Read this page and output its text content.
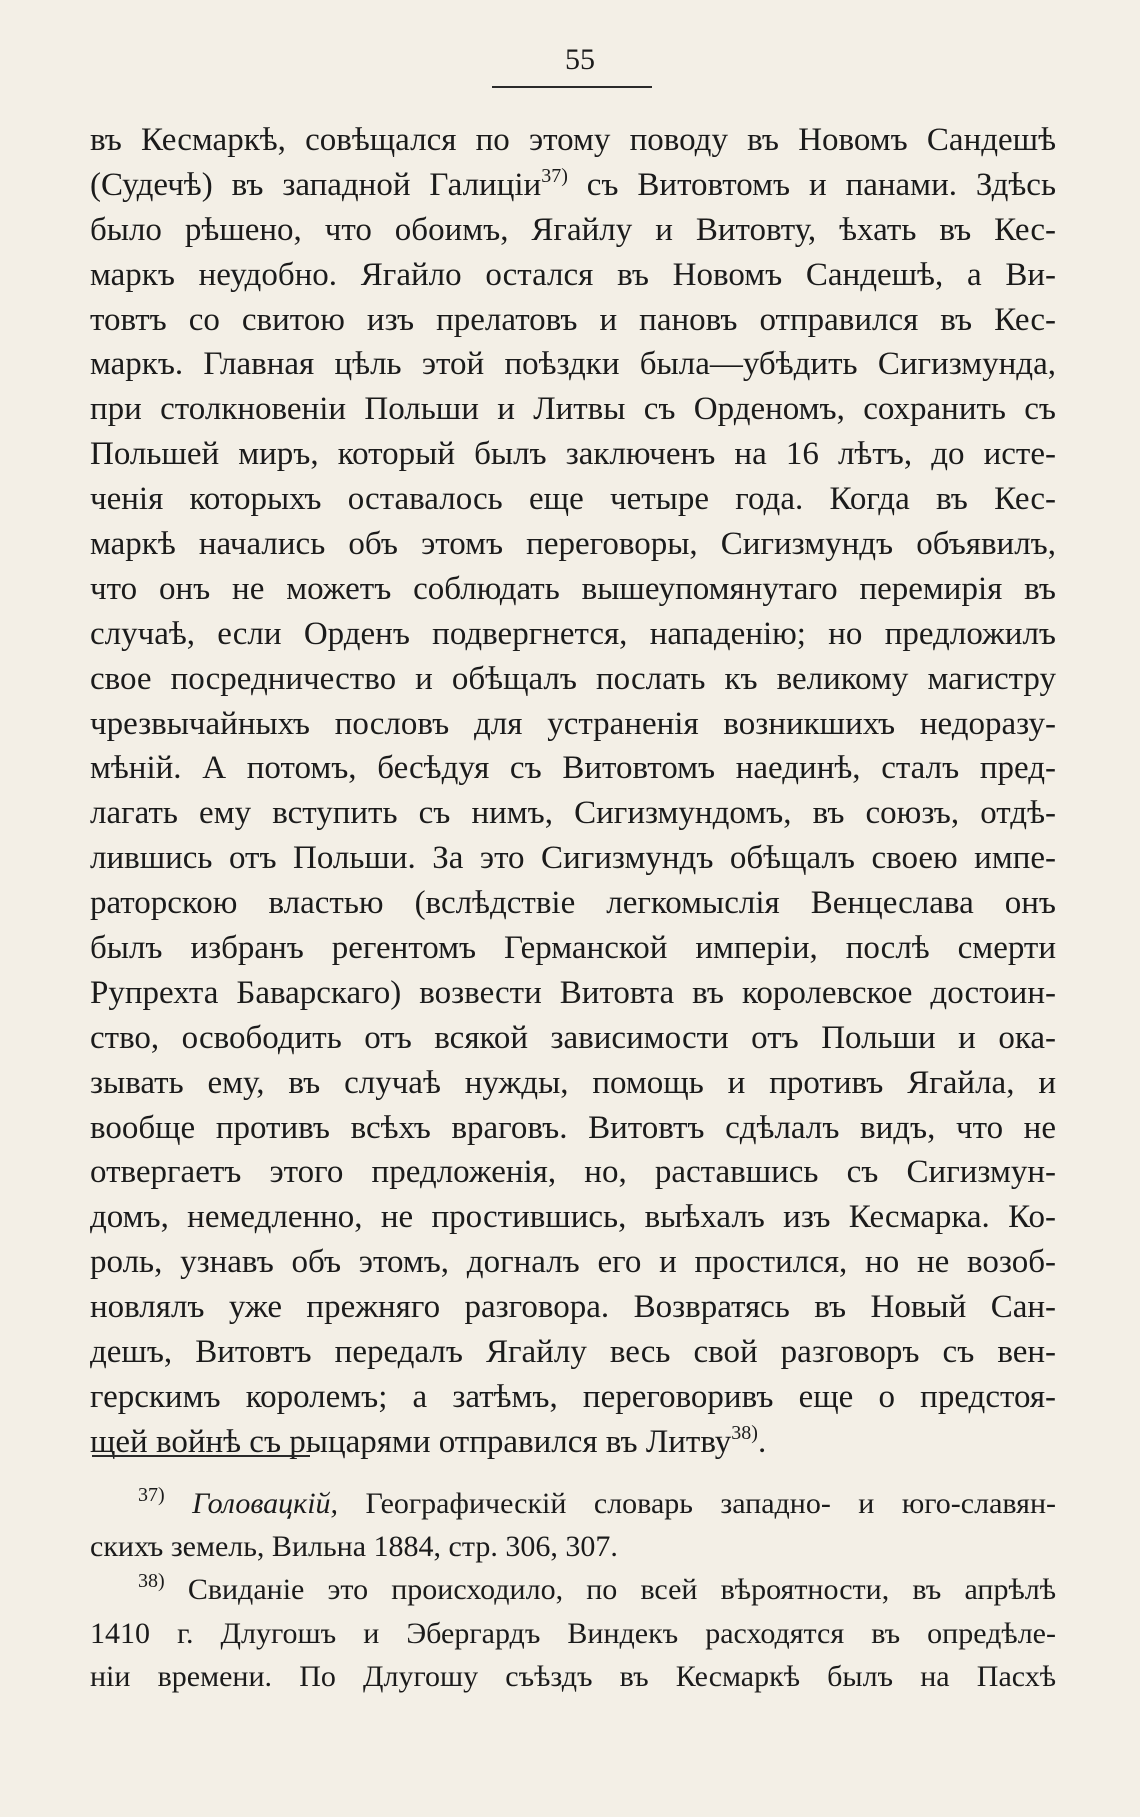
55
въ Кесмаркѣ, совѣщался по этому поводу въ Новомъ Сандешѣ
(Судечѣ) въ западной Галиціи$^{37)}$ съ Витовтомъ и панами. Здѣсь
было рѣшено, что обоимъ, Ягайлу и Витовту, ѣхать въ Кес-
маркъ неудобно. Ягайло остался въ Новомъ Сандешѣ, а Ви-
товтъ со свитою изъ прелатовъ и пановъ отправился въ Кес-
маркъ. Главная цѣль этой поѣздки была—убѣдить Сигизмунда,
при столкновеніи Польши и Литвы съ Орденомъ, сохранить съ
Польшей миръ, который былъ заключенъ на 16 лѣтъ, до исте-
ченія которыхъ оставалось еще четыре года. Когда въ Кес-
маркѣ начались объ этомъ переговоры, Сигизмундъ объявилъ,
что онъ не можетъ соблюдать вышеупомянутаго перемирія въ
случаѣ, если Орденъ подвергнется, нападенію; но предложилъ
свое посредничество и обѣщалъ послать къ великому магистру
чрезвычайныхъ пословъ для устраненія возникшихъ недоразу-
мѣній. А потомъ, бесѣдуя съ Витовтомъ наединѣ, сталъ пред-
лагать ему вступить съ нимъ, Сигизмундомъ, въ союзъ, отдѣ-
лившись отъ Польши. За это Сигизмундъ обѣщалъ своею импе-
раторскою властью (вслѣдствіе легкомыслія Венцеслава онъ
былъ избранъ регентомъ Германской имперіи, послѣ смерти
Рупрехта Баварскаго) возвести Витовта въ королевское достоин-
ство, освободить отъ всякой зависимости отъ Польши и ока-
зывать ему, въ случаѣ нужды, помощь и противъ Ягайла, и
вообще противъ всѣхъ враговъ. Витовтъ сдѣлалъ видъ, что не
отвергаетъ этого предложенія, но, раставшись съ Сигизмун-
домъ, немедленно, не простившись, выѣхалъ изъ Кесмарка. Ко-
роль, узнавъ объ этомъ, догналъ его и простился, но не возоб-
новлялъ уже прежняго разговора. Возвратясь въ Новый Сан-
дешъ, Витовтъ передалъ Ягайлу весь свой разговоръ съ вен-
герскимъ королемъ; а затѣмъ, переговоривъ еще о предстоя-
щей войнѣ съ рыцарями отправился въ Литву$^{38)}$.
$^{37)}$ Головацкій, Географическій словарь западно- и юго-славян-
скихъ земель, Вильна 1884, стр. 306, 307.
$^{38)}$ Свиданіе это происходило, по всей вѣроятности, въ апрѣлѣ
1410 г. Длугошъ и Эбергардъ Виндекъ расходятся въ опредѣле-
ніи времени. По Длугошу съѣздъ въ Кесмаркѣ былъ на Пасхѣ
